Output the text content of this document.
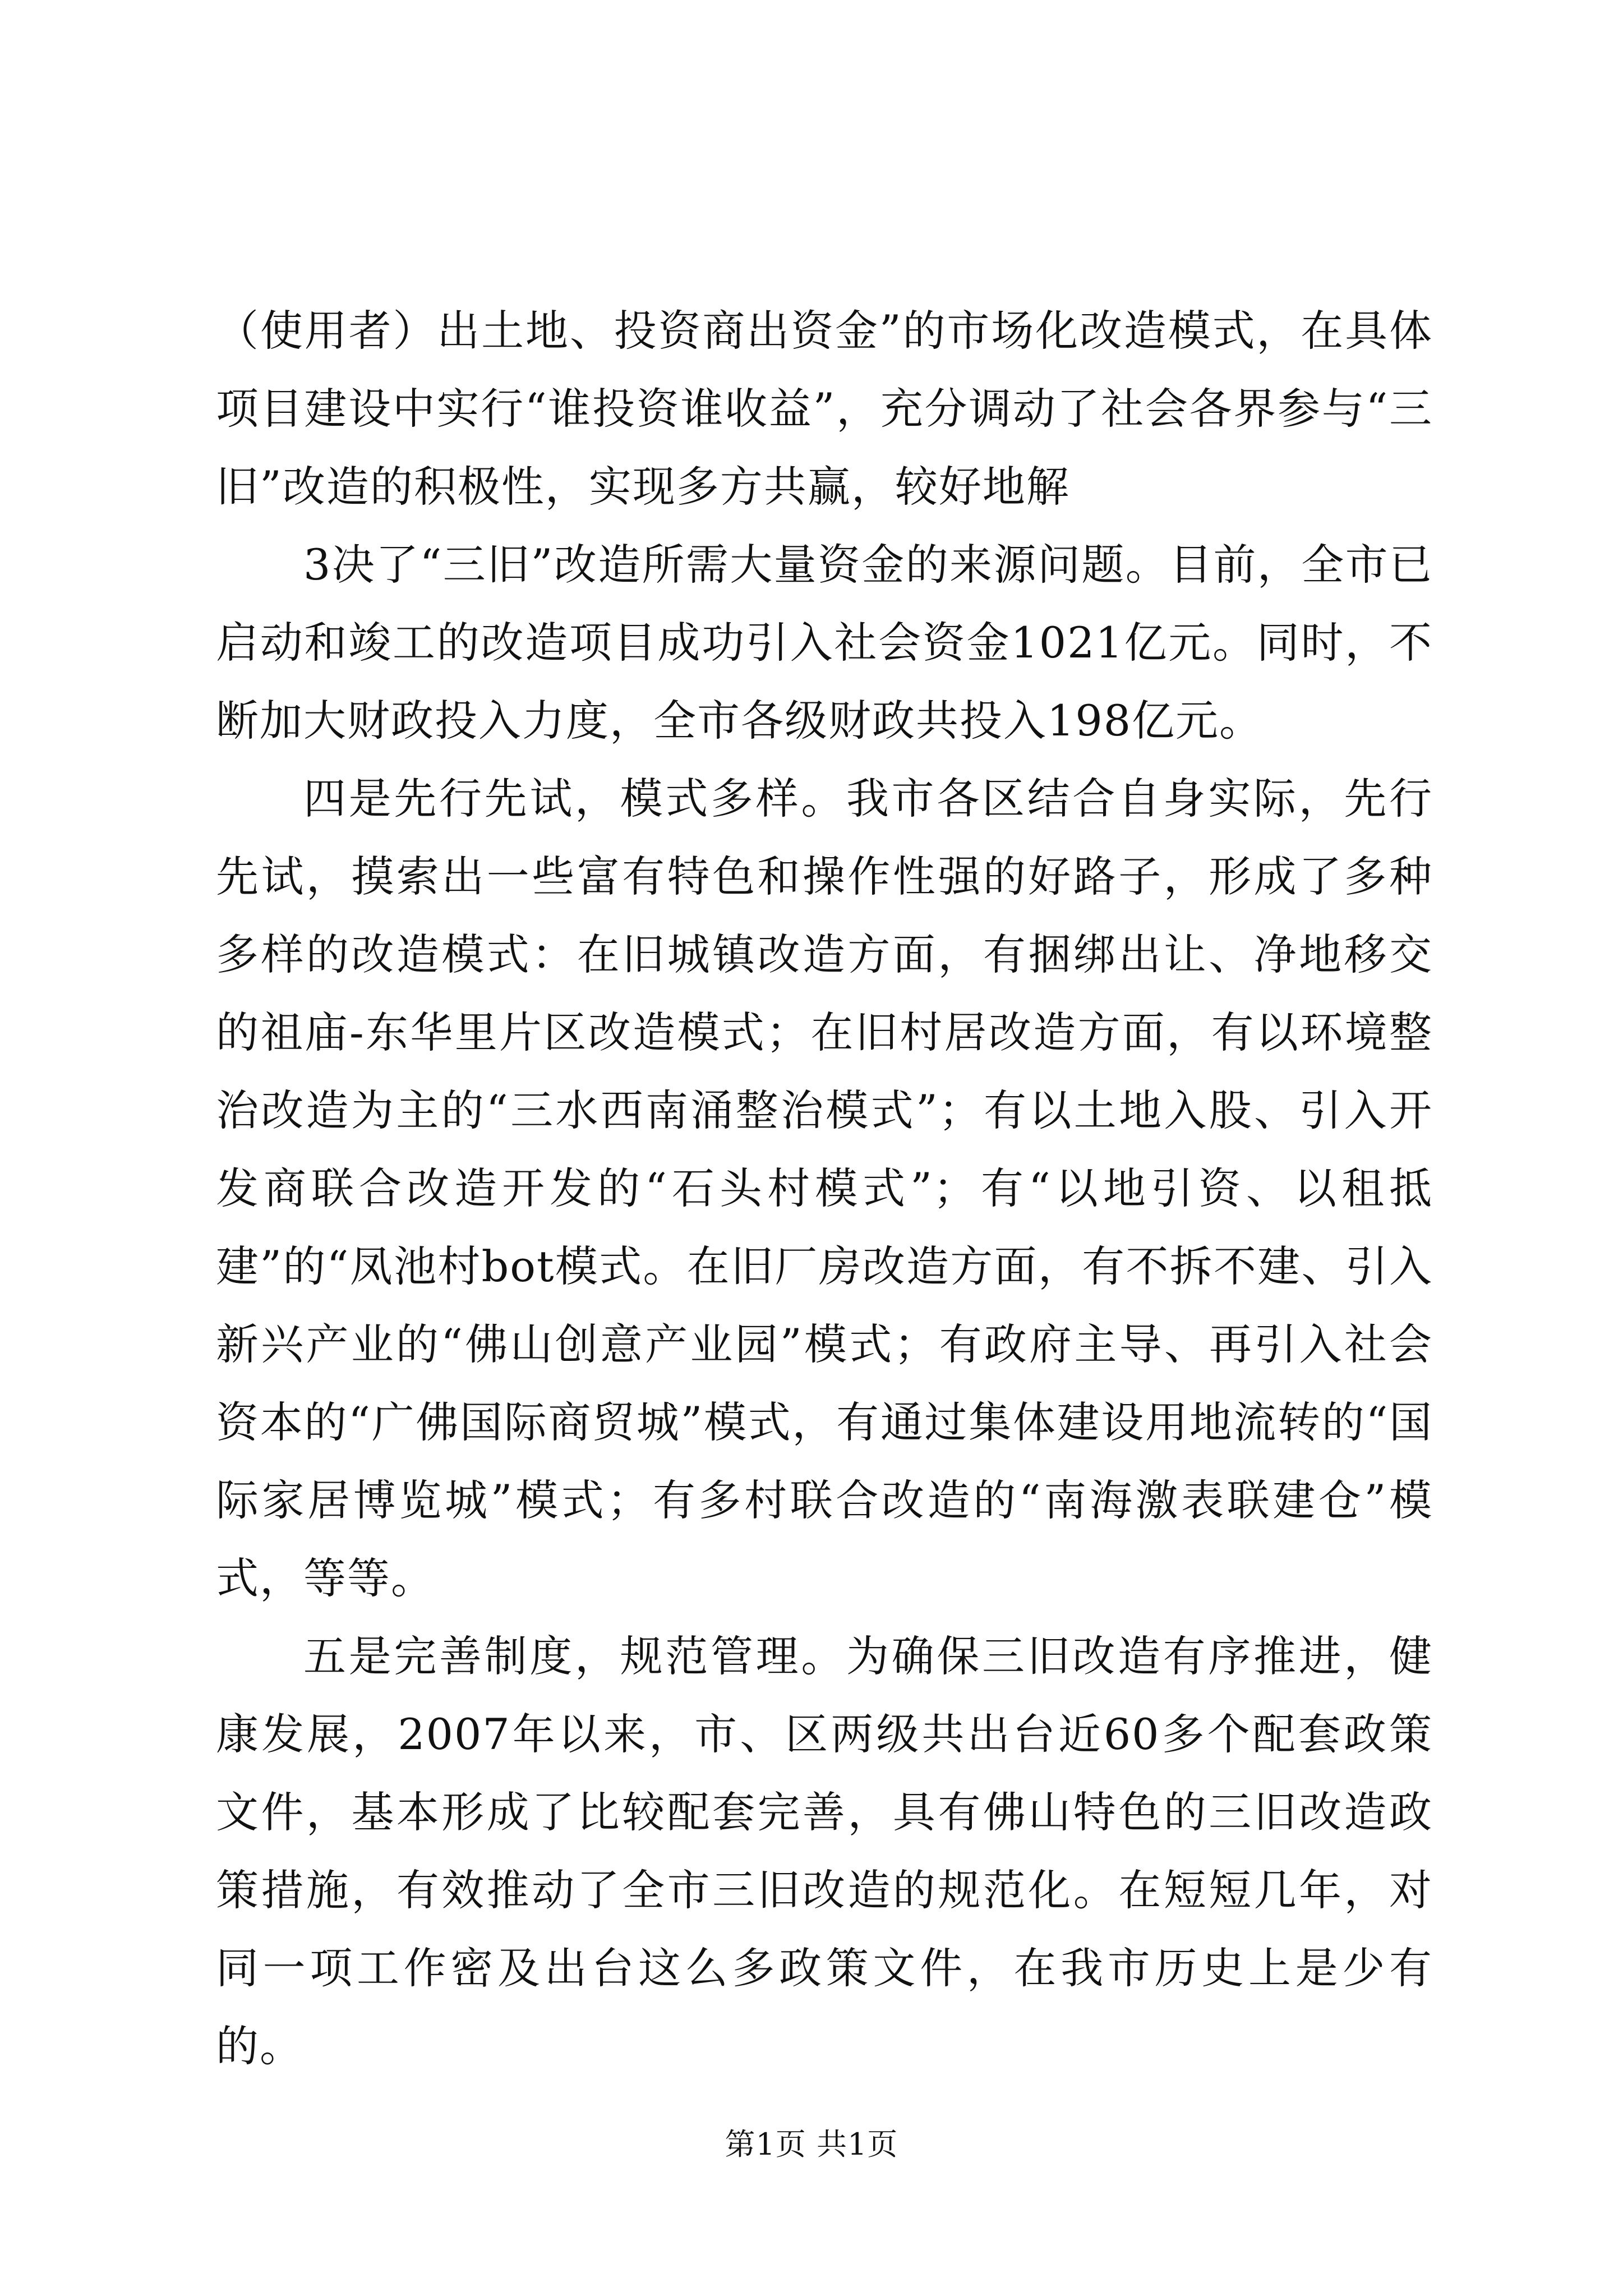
（使用者）出土地、投资商出资金”的市场化改造模式，在具体项目建设中实行“谁投资谁收益”，充分调动了社会各界参与“三旧”改造的积极性，实现多方共赢，较好地解

3决了“三旧”改造所需大量资金的来源问题。目前，全市已启动和竣工的改造项目成功引入社会资金1021亿元。同时，不断加大财政投入力度，全市各级财政共投入198亿元。

四是先行先试，模式多样。我市各区结合自身实际，先行先试，摸索出一些富有特色和操作性强的好路子，形成了多种多样的改造模式：在旧城镇改造方面，有捆绑出让、净地移交的祖庙-东华里片区改造模式；在旧村居改造方面，有以环境整治改造为主的“三水西南涌整治模式”；有以土地入股、引入开发商联合改造开发的“石头村模式”；有“以地引资、以租抵建”的“凤池村bot模式。在旧厂房改造方面，有不拆不建、引入新兴产业的“佛山创意产业园”模式；有政府主导、再引入社会资本的“广佛国际商贸城”模式，有通过集体建设用地流转的“国际家居博览城”模式；有多村联合改造的“南海激表联建仓”模式，等等。

五是完善制度，规范管理。为确保三旧改造有序推进，健康发展，2007年以来，市、区两级共出台近60多个配套政策文件，基本形成了比较配套完善，具有佛山特色的三旧改造政策措施，有效推动了全市三旧改造的规范化。在短短几年，对同一项工作密及出台这么多政策文件，在我市历史上是少有的。

第1页 共1页
